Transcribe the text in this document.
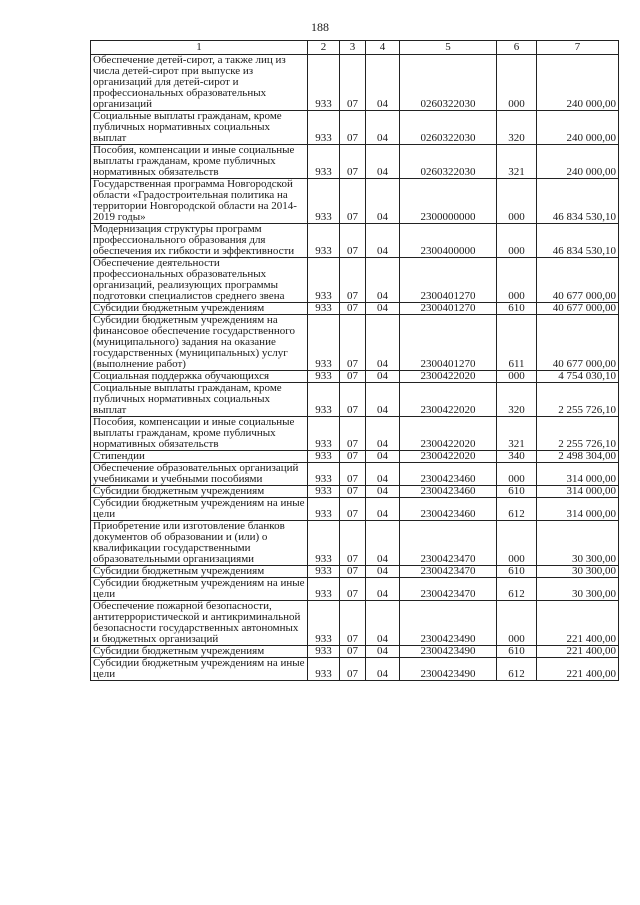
188
1	2	3	4	5	6	7
Обеспечение детей-сирот, а также лиц из числа детей-сирот при выпуске из организаций для детей-сирот и профессиональных образовательных организаций	933	07	04	0260322030	000	240 000,00
Социальные выплаты гражданам, кроме публичных нормативных социальных выплат	933	07	04	0260322030	320	240 000,00
Пособия, компенсации и иные социальные выплаты гражданам, кроме публичных нормативных обязательств	933	07	04	0260322030	321	240 000,00
Государственная программа Новгородской области «Градостроительная политика на территории Новгородской области на 2014-2019 годы»	933	07	04	2300000000	000	46 834 530,10
Модернизация структуры программ профессионального образования для обеспечения их гибкости и эффективности	933	07	04	2300400000	000	46 834 530,10
Обеспечение деятельности профессиональных образовательных организаций, реализующих программы подготовки специалистов среднего звена	933	07	04	2300401270	000	40 677 000,00
Субсидии бюджетным учреждениям	933	07	04	2300401270	610	40 677 000,00
Субсидии бюджетным учреждениям на финансовое обеспечение государственного (муниципального) задания на оказание государственных (муниципальных) услуг (выполнение работ)	933	07	04	2300401270	611	40 677 000,00
Социальная поддержка обучающихся	933	07	04	2300422020	000	4 754 030,10
Социальные выплаты гражданам, кроме публичных нормативных социальных выплат	933	07	04	2300422020	320	2 255 726,10
Пособия, компенсации и иные социальные выплаты гражданам, кроме публичных нормативных обязательств	933	07	04	2300422020	321	2 255 726,10
Стипендии	933	07	04	2300422020	340	2 498 304,00
Обеспечение образовательных организаций учебниками и учебными пособиями	933	07	04	2300423460	000	314 000,00
Субсидии бюджетным учреждениям	933	07	04	2300423460	610	314 000,00
Субсидии бюджетным учреждениям на иные цели	933	07	04	2300423460	612	314 000,00
Приобретение или изготовление бланков документов об образовании и (или) о квалификации государственными образовательными организациями	933	07	04	2300423470	000	30 300,00
Субсидии бюджетным учреждениям	933	07	04	2300423470	610	30 300,00
Субсидии бюджетным учреждениям на иные цели	933	07	04	2300423470	612	30 300,00
Обеспечение пожарной безопасности, антитеррористической и антикриминальной безопасности государственных автономных и бюджетных организаций	933	07	04	2300423490	000	221 400,00
Субсидии бюджетным учреждениям	933	07	04	2300423490	610	221 400,00
Субсидии бюджетным учреждениям на иные цели	933	07	04	2300423490	612	221 400,00
